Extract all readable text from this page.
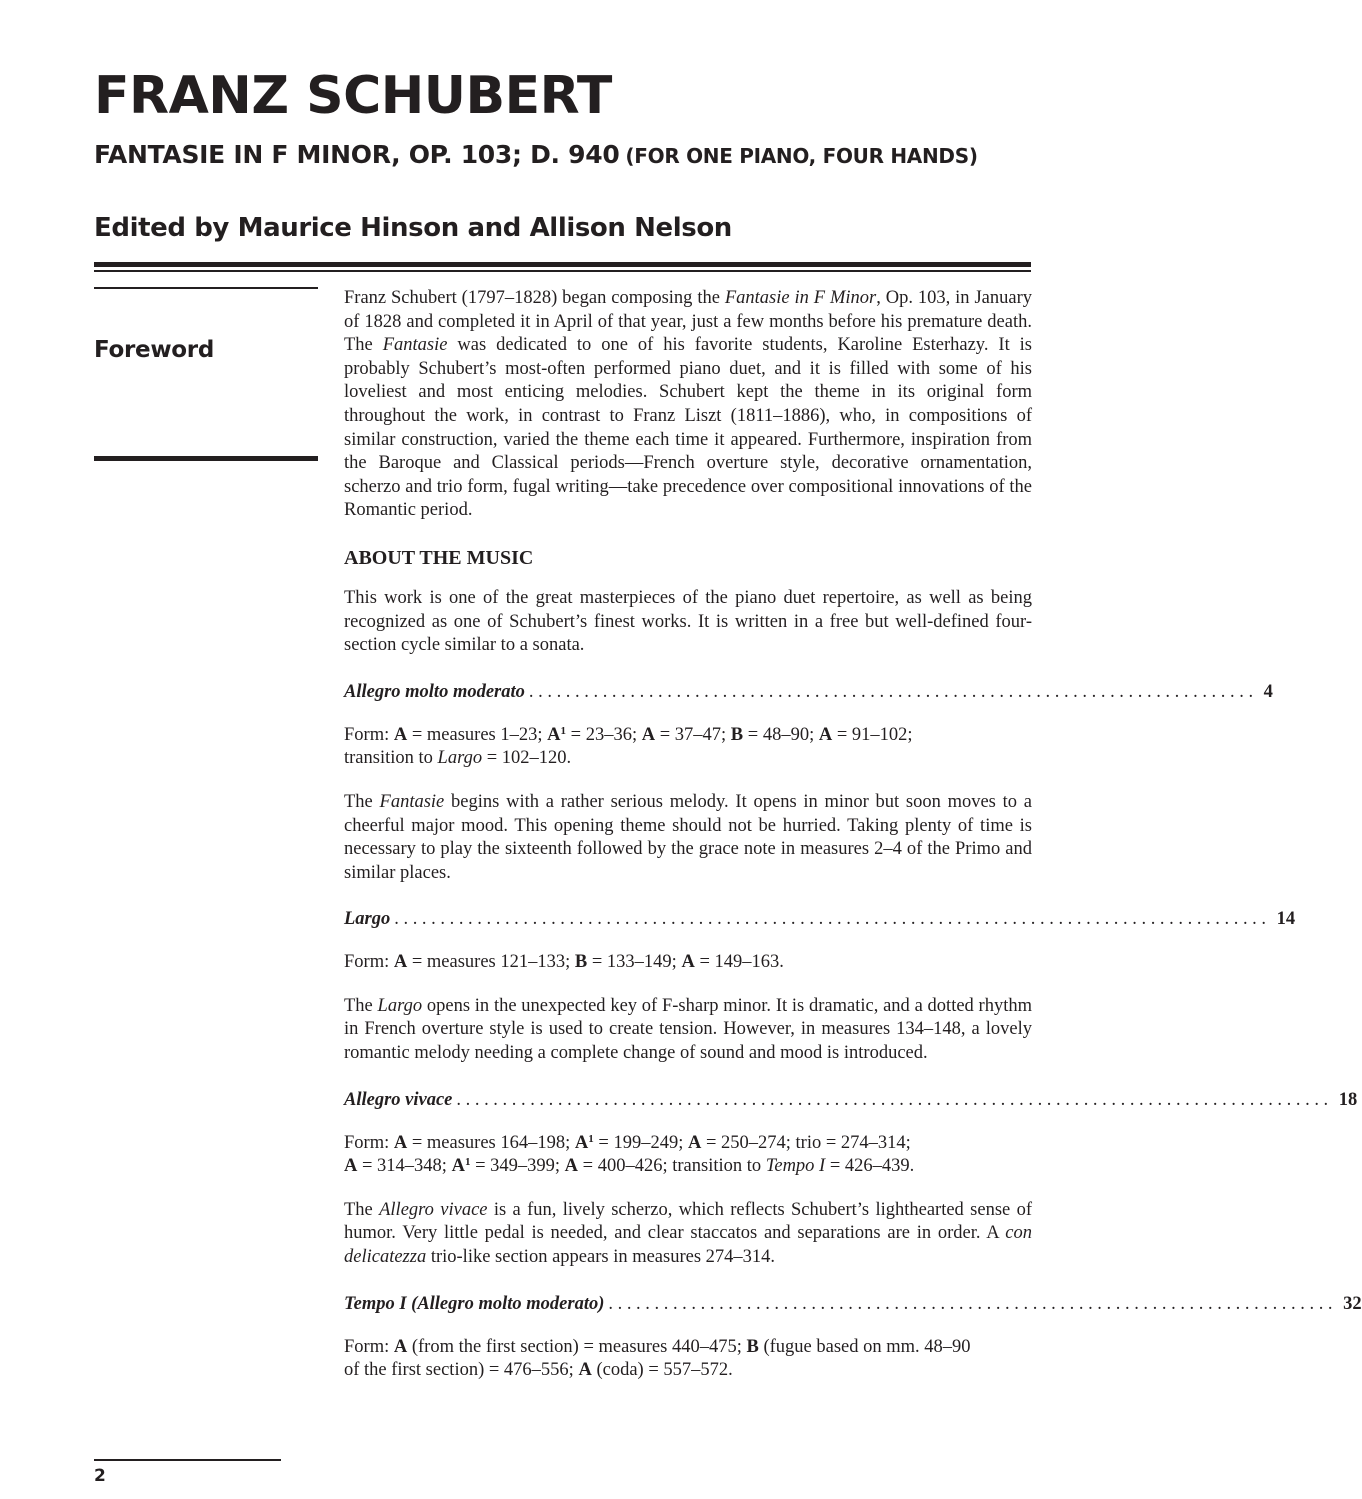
FRANZ SCHUBERT
FANTASIE IN F MINOR, OP. 103; D. 940 (FOR ONE PIANO, FOUR HANDS)
Edited by Maurice Hinson and Allison Nelson
Foreword

Franz Schubert (1797–1828) began composing the Fantasie in F Minor, Op. 103, in January of 1828 and completed it in April of that year, just a few months before his premature death. The Fantasie was dedicated to one of his favorite students, Karoline Esterhazy. It is probably Schubert’s most-often performed piano duet, and it is filled with some of his loveliest and most enticing melodies. Schubert kept the theme in its original form throughout the work, in contrast to Franz Liszt (1811–1886), who, in compositions of similar construction, varied the theme each time it appeared. Furthermore, inspiration from the Baroque and Classical periods—French overture style, decorative ornamentation, scherzo and trio form, fugal writing—take precedence over compositional innovations of the Romantic period.

ABOUT THE MUSIC

This work is one of the great masterpieces of the piano duet repertoire, as well as being recognized as one of Schubert’s finest works. It is written in a free but well-defined four-section cycle similar to a sonata.

Allegro molto moderato ............................................................................... 4

Form: A = measures 1–23; $A^1 = 23-36$; A = 37–47; B = 48–90; A = 91–102;
transition to Largo = 102–120.

The Fantasie begins with a rather serious melody. It opens in minor but soon moves to a cheerful major mood. This opening theme should not be hurried. Taking plenty of time is necessary to play the sixteenth followed by the grace note in measures 2–4 of the Primo and similar places.

Largo ............................................................................................... 14

Form: A = measures 121–133; B = 133–149; A = 149–163.

The Largo opens in the unexpected key of F-sharp minor. It is dramatic, and a dotted rhythm in French overture style is used to create tension. However, in measures 134–148, a lovely romantic melody needing a complete change of sound and mood is introduced.

Allegro vivace ............................................................................................... 18

Form: A = measures 164–198; $A^1 = 199-249$; A = 250–274; trio = 274–314;
A = 314–348; $A^1 = 349-399$; A = 400–426; transition to Tempo I = 426–439.

The Allegro vivace is a fun, lively scherzo, which reflects Schubert’s lighthearted sense of humor. Very little pedal is needed, and clear staccatos and separations are in order. A con delicatezza trio-like section appears in measures 274–314.

Tempo I (Allegro molto moderato) ............................................................................... 32

Form: A (from the first section) = measures 440–475; B (fugue based on mm. 48–90
of the first section) = 476–556; A (coda) = 557–572.

2
